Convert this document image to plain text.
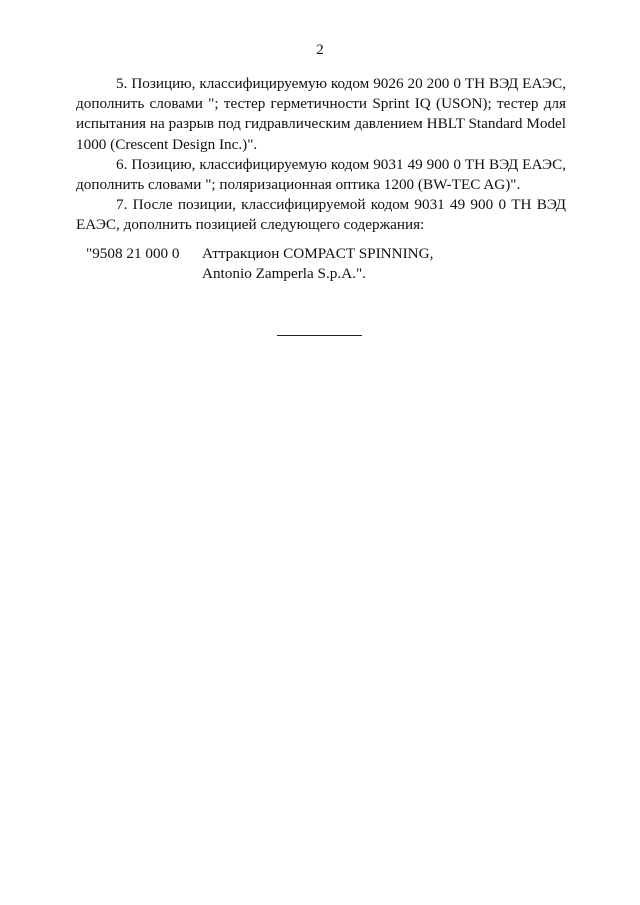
2

5. Позицию, классифицируемую кодом 9026 20 200 0 ТН ВЭД ЕАЭС, дополнить словами "; тестер герметичности Sprint IQ (USON); тестер для испытания на разрыв под гидравлическим давлением HBLT Standard Model 1000 (Crescent Design Inc.)".

6. Позицию, классифицируемую кодом 9031 49 900 0 ТН ВЭД ЕАЭС, дополнить словами "; поляризационная оптика 1200 (BW-TEC AG)".

7. После позиции, классифицируемой кодом 9031 49 900 0 ТН ВЭД ЕАЭС, дополнить позицией следующего содержания:

"9508 21 000 0 Аттракцион COMPACT SPINNING,
Antonio Zamperla S.p.A.".
